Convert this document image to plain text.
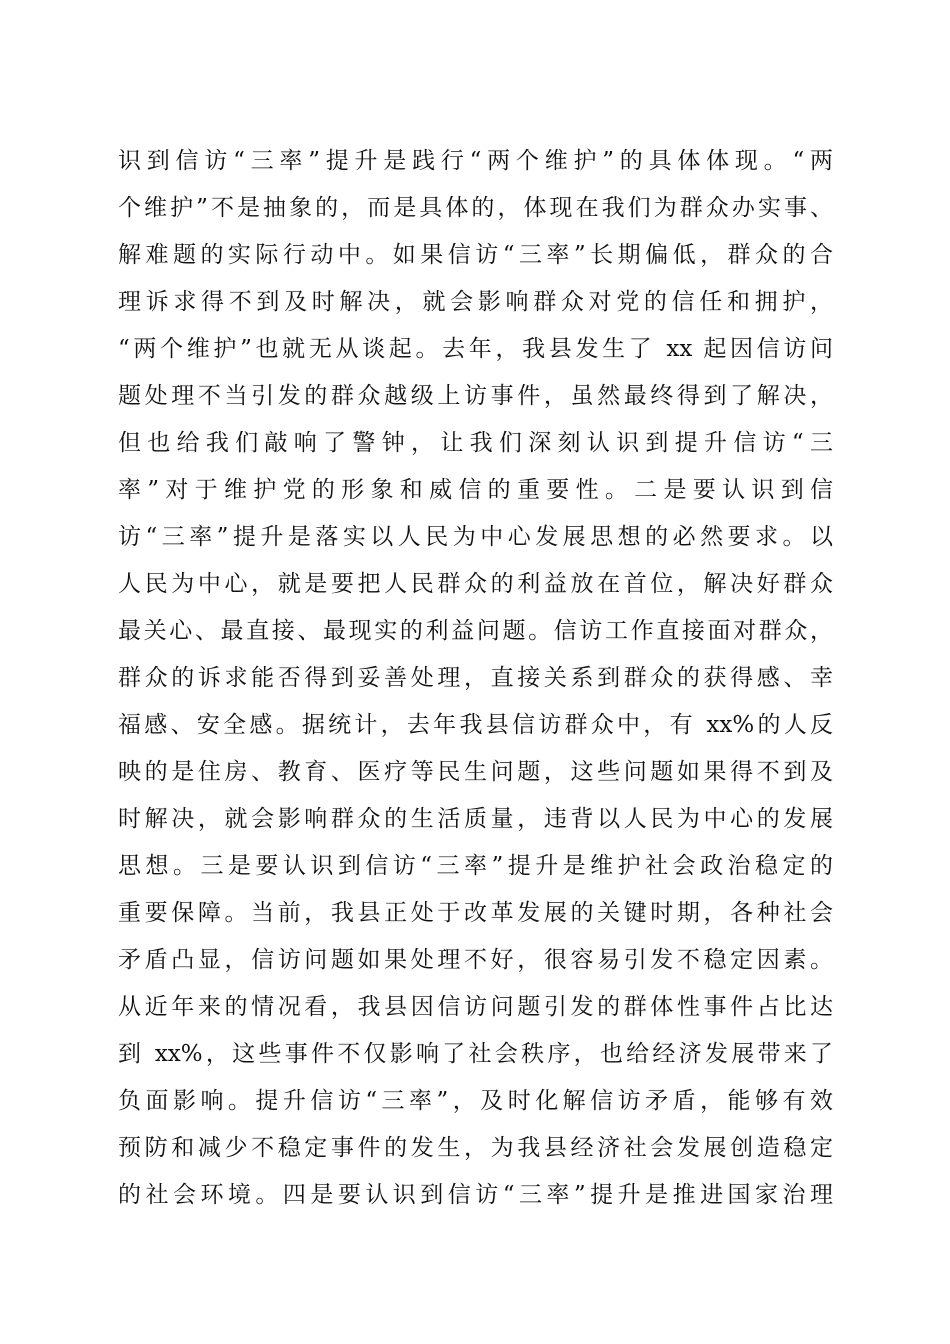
识到信访“三率”提升是践行“两个维护”的具体体现。“两
个维护”不是抽象的，而是具体的，体现在我们为群众办实事、
解难题的实际行动中。如果信访“三率”长期偏低，群众的合
理诉求得不到及时解决，就会影响群众对党的信任和拥护，
“两个维护”也就无从谈起。去年，我县发生了 xx 起因信访问
题处理不当引发的群众越级上访事件，虽然最终得到了解决，
但也给我们敲响了警钟，让我们深刻认识到提升信访“三
率”对于维护党的形象和威信的重要性。二是要认识到信
访“三率”提升是落实以人民为中心发展思想的必然要求。以
人民为中心，就是要把人民群众的利益放在首位，解决好群众
最关心、最直接、最现实的利益问题。信访工作直接面对群众，
群众的诉求能否得到妥善处理，直接关系到群众的获得感、幸
福感、安全感。据统计，去年我县信访群众中，有 xx%的人反
映的是住房、教育、医疗等民生问题，这些问题如果得不到及
时解决，就会影响群众的生活质量，违背以人民为中心的发展
思想。三是要认识到信访“三率”提升是维护社会政治稳定的
重要保障。当前，我县正处于改革发展的关键时期，各种社会
矛盾凸显，信访问题如果处理不好，很容易引发不稳定因素。
从近年来的情况看，我县因信访问题引发的群体性事件占比达
到 xx%，这些事件不仅影响了社会秩序，也给经济发展带来了
负面影响。提升信访“三率”，及时化解信访矛盾，能够有效
预防和减少不稳定事件的发生，为我县经济社会发展创造稳定
的社会环境。四是要认识到信访“三率”提升是推进国家治理
